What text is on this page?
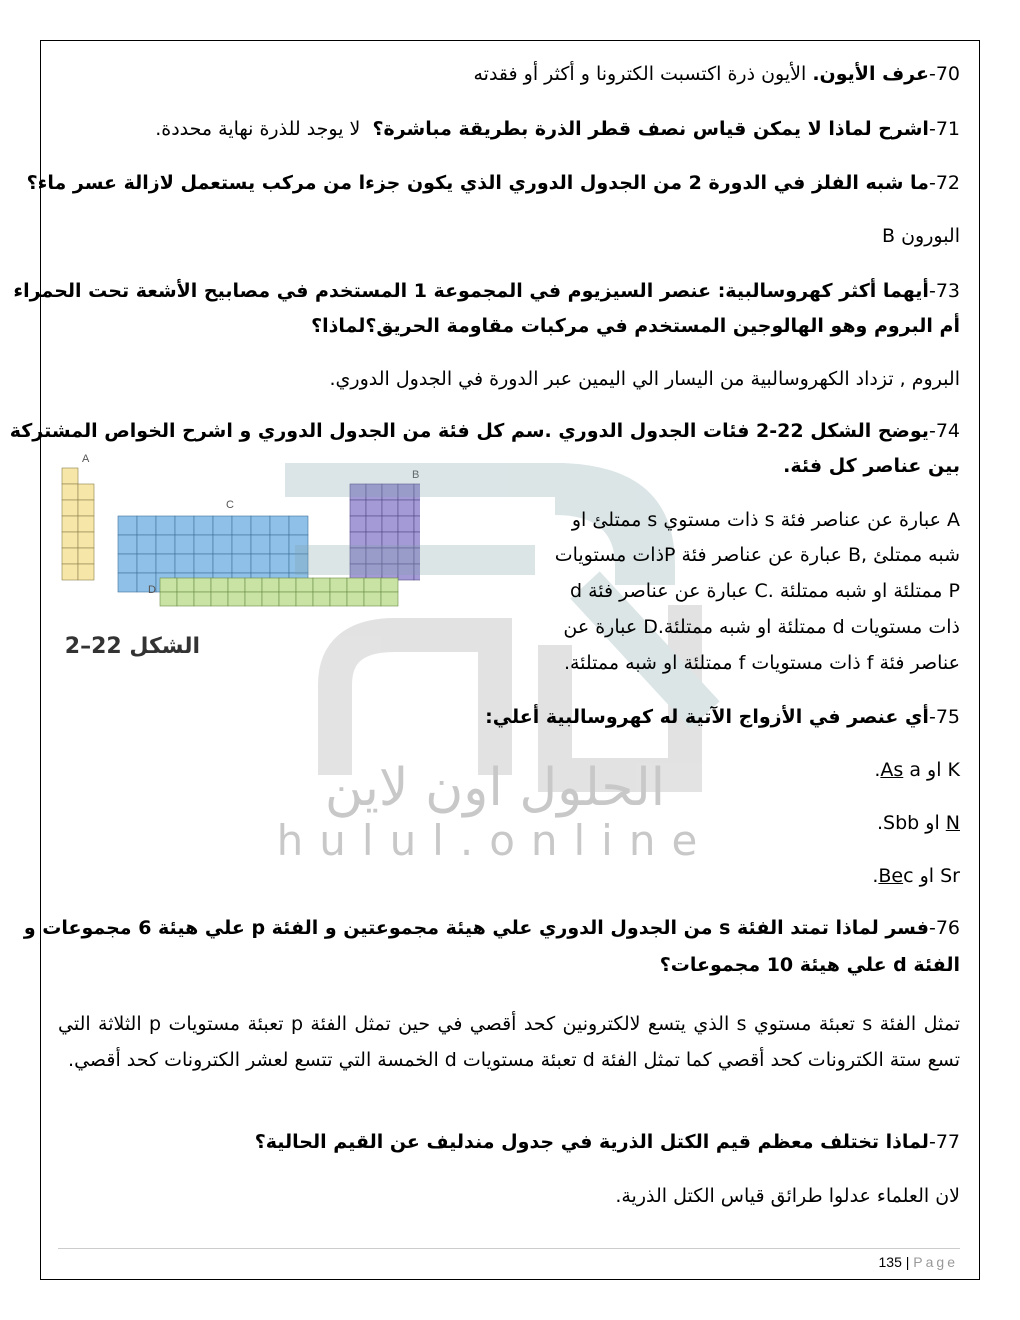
A
B
C
D
الشكل 22–2
الحلول اون لاين
hulul.online
70-عرف الأيون. الأيون ذرة اكتسبت الكترونا و أكثر أو فقدته
71-اشرح لماذا لا يمكن قياس نصف قطر الذرة بطريقة مباشرة؟  لا يوجد للذرة نهاية محددة.
72-ما شبه الفلز في الدورة 2 من الجدول الدوري الذي يكون جزءا من مركب يستعمل لازالة عسر ماء؟
البورون B
73-أيهما أكثر كهروسالبية: عنصر السيزيوم في المجموعة 1 المستخدم في مصابيح الأشعة تحت الحمراء
أم البروم وهو الهالوجين المستخدم في مركبات مقاومة الحريق؟لماذا؟
البروم , تزداد الكهروسالبية من اليسار الي اليمين عبر الدورة في الجدول الدوري.
74-يوضح الشكل 22-2 فئات الجدول الدوري .سم كل فئة من الجدول الدوري و اشرح الخواص المشتركة
بين عناصر كل فئة.
A عبارة عن عناصر فئة s ذات مستوي s ممتلئ او
شبه ممتلئ ,B عبارة عن عناصر فئة Pذات مستويات
P ممتلئة او شبه ممتلئة .C عبارة عن عناصر فئة d
ذات مستويات d ممتلئة او شبه ممتلئة.D عبارة عن
عناصر فئة f ذات مستويات f ممتلئة او شبه ممتلئة.
75-أي عنصر في الأزواج الآتية له كهروسالبية أعلي:
K او As a.
N او Sbb.
Sr او Bec.
76-فسر لماذا تمتد الفئة s من الجدول الدوري علي هيئة مجموعتين و الفئة p علي هيئة 6 مجموعات و
الفئة d علي هيئة 10 مجموعات؟
تمثل الفئة s تعبئة مستوي s الذي يتسع لالكترونين كحد أقصي في حين تمثل الفئة p تعبئة مستويات p الثلاثة التي تسع ستة الكترونات كحد أقصي كما تمثل الفئة d تعبئة مستويات d الخمسة التي تتسع لعشر الكترونات كحد أقصي.
77-لماذا تختلف معظم قيم الكتل الذرية في جدول مندليف عن القيم الحالية؟
لان العلماء عدلوا طرائق قياس الكتل الذرية.
135 | Page
